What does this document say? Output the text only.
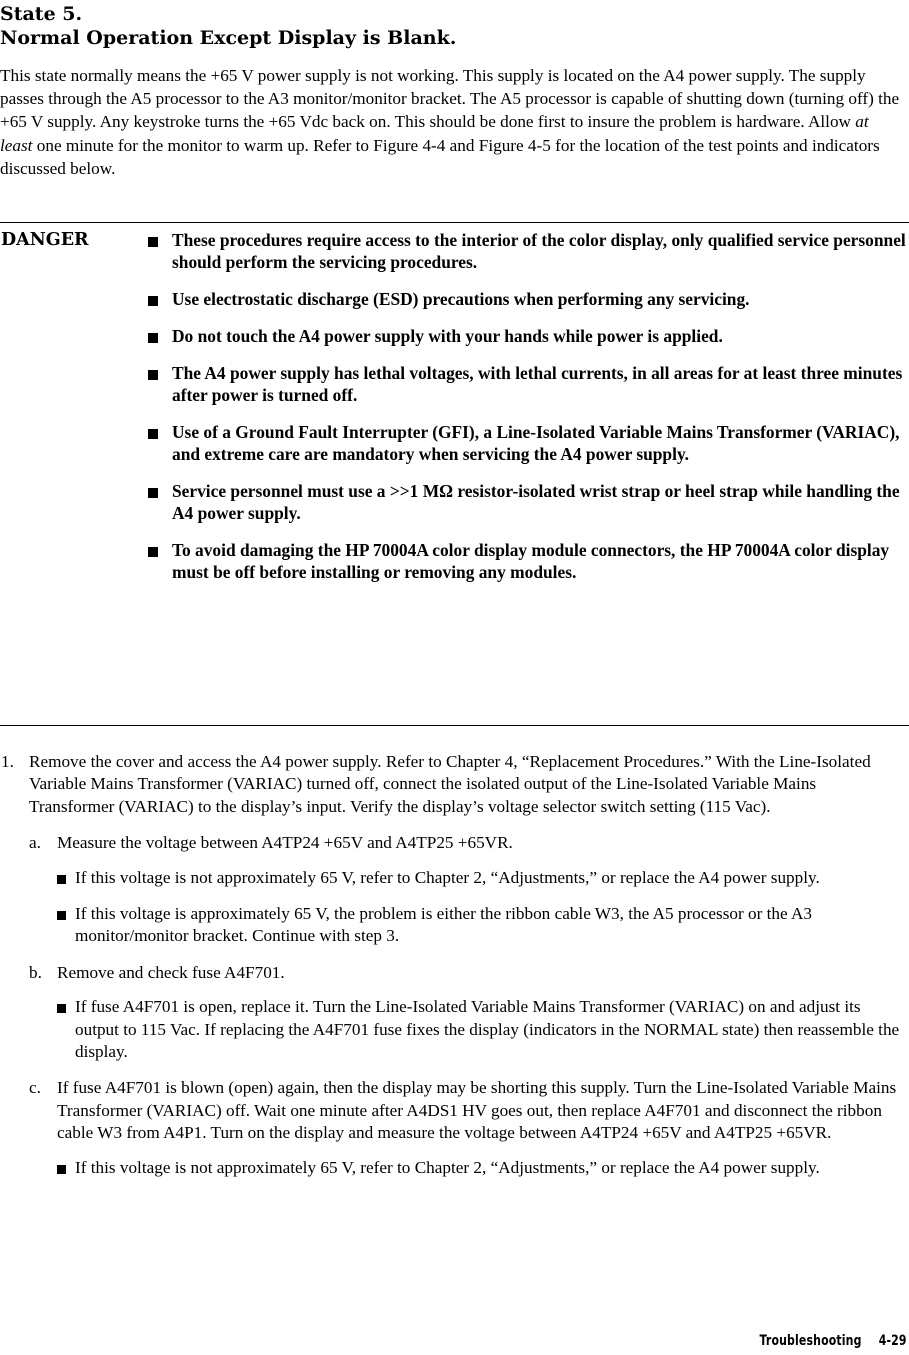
State 5.
Normal Operation Except Display is Blank.

This state normally means the +65 V power supply is not working. This supply is located on the A4 power supply. The supply passes through the A5 processor to the A3 monitor/monitor bracket. The A5 processor is capable of shutting down (turning off) the +65 V supply. Any keystroke turns the +65 Vdc back on. This should be done first to insure the problem is hardware. Allow at least one minute for the monitor to warm up. Refer to Figure 4-4 and Figure 4-5 for the location of the test points and indicators discussed below.

DANGER	These procedures require access to the interior of the color display, only qualified service personnel should perform the servicing procedures.
Use electrostatic discharge (ESD) precautions when performing any servicing.
Do not touch the A4 power supply with your hands while power is applied.
The A4 power supply has lethal voltages, with lethal currents, in all areas for at least three minutes after power is turned off.
Use of a Ground Fault Interrupter (GFI), a Line-Isolated Variable Mains Transformer (VARIAC), and extreme care are mandatory when servicing the A4 power supply.
Service personnel must use a >>1 MΩ resistor-isolated wrist strap or heel strap while handling the A4 power supply.
To avoid damaging the HP 70004A color display module connectors, the HP 70004A color display must be off before installing or removing any modules.
1. Remove the cover and access the A4 power supply. Refer to Chapter 4, “Replacement Procedures.” With the Line-Isolated Variable Mains Transformer (VARIAC) turned off, connect the isolated output of the Line-Isolated Variable Mains Transformer (VARIAC) to the display’s input. Verify the display’s voltage selector switch setting (115 Vac).
a. Measure the voltage between A4TP24 +65V and A4TP25 +65VR.
If this voltage is not approximately 65 V, refer to Chapter 2, “Adjustments,” or replace the A4 power supply.
If this voltage is approximately 65 V, the problem is either the ribbon cable W3, the A5 processor or the A3 monitor/monitor bracket. Continue with step 3.
b. Remove and check fuse A4F701.
If fuse A4F701 is open, replace it. Turn the Line-Isolated Variable Mains Transformer (VARIAC) on and adjust its output to 115 Vac. If replacing the A4F701 fuse fixes the display (indicators in the NORMAL state) then reassemble the display.
c. If fuse A4F701 is blown (open) again, then the display may be shorting this supply. Turn the Line-Isolated Variable Mains Transformer (VARIAC) off. Wait one minute after A4DS1 HV goes out, then replace A4F701 and disconnect the ribbon cable W3 from A4P1. Turn on the display and measure the voltage between A4TP24 +65V and A4TP25 +65VR.
If this voltage is not approximately 65 V, refer to Chapter 2, “Adjustments,” or replace the A4 power supply.
Troubleshooting 4-29
